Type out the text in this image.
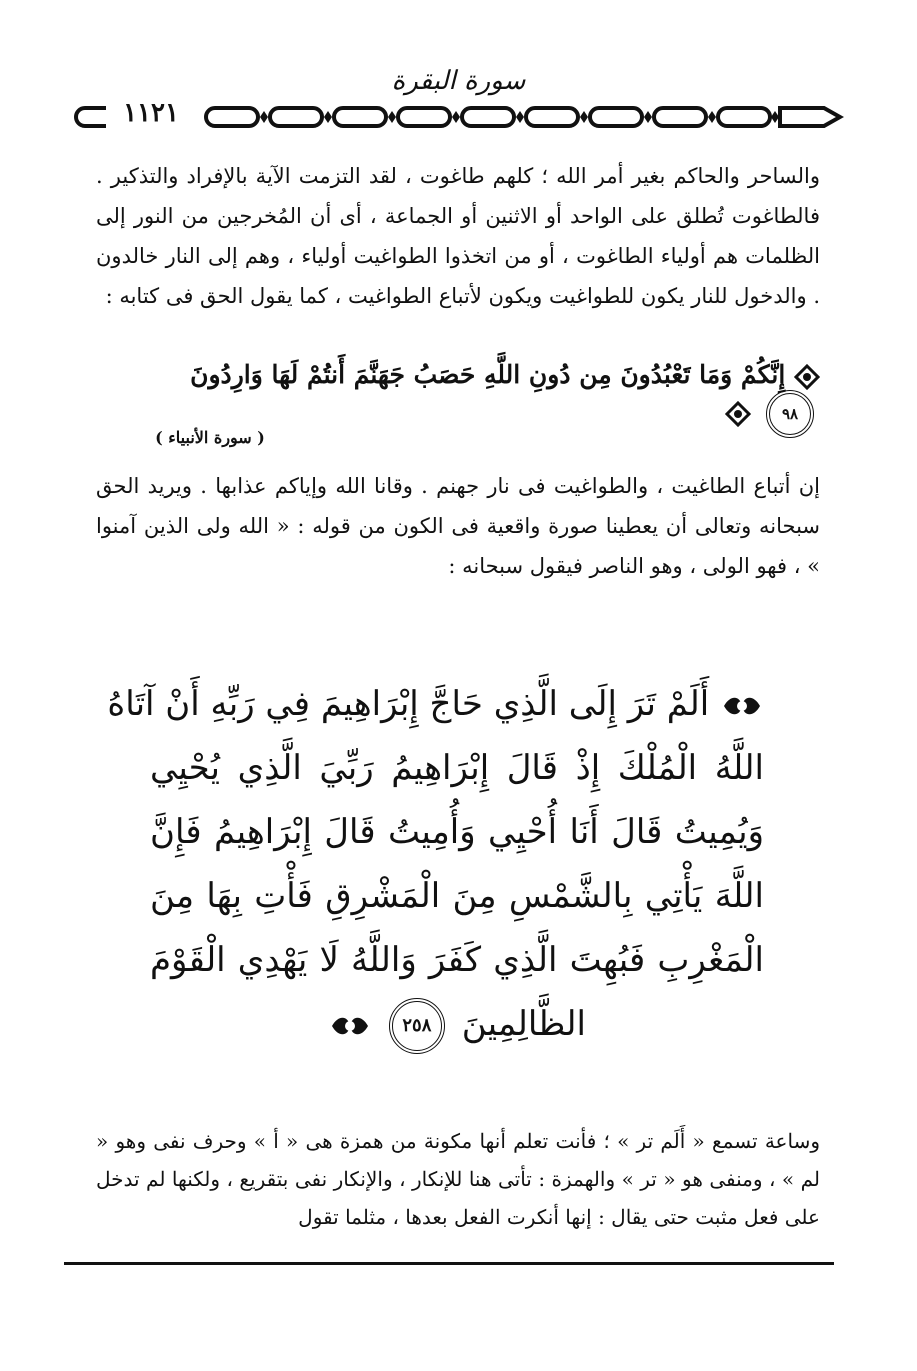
سورة البقرة
١١٢١

والساحر والحاكم بغير أمر الله ؛ كلهم طاغوت ، لقد التزمت الآية بالإفراد والتذكير . فالطاغوت تُطلق على الواحد أو الاثنين أو الجماعة ، أى أن المُخرجين من النور إلى الظلمات هم أولياء الطاغوت ، أو من اتخذوا الطواغيت أولياء ، وهم إلى النار خالدون . والدخول للنار يكون للطواغيت ويكون لأتباع الطواغيت ، كما يقول الحق فى كتابه :

إِنَّكُمْ وَمَا تَعْبُدُونَ مِن دُونِ اللَّهِ حَصَبُ جَهَنَّمَ أَنتُمْ لَهَا وَارِدُونَ ٩٨
( سورة الأنبياء )

إن أتباع الطاغيت ، والطواغيت فى نار جهنم . وقانا الله وإياكم عذابها . ويريد الحق سبحانه وتعالى أن يعطينا صورة واقعية فى الكون من قوله : « الله ولى الذين آمنوا » ، فهو الولى ، وهو الناصر فيقول سبحانه :

أَلَمْ تَرَ إِلَى الَّذِي حَاجَّ إِبْرَاهِيمَ فِي رَبِّهِ أَنْ آتَاهُ
اللَّهُ الْمُلْكَ إِذْ قَالَ إِبْرَاهِيمُ رَبِّيَ الَّذِي يُحْيِي
وَيُمِيتُ قَالَ أَنَا أُحْيِي وَأُمِيتُ قَالَ إِبْرَاهِيمُ فَإِنَّ
اللَّهَ يَأْتِي بِالشَّمْسِ مِنَ الْمَشْرِقِ فَأْتِ بِهَا مِنَ
الْمَغْرِبِ فَبُهِتَ الَّذِي كَفَرَ وَاللَّهُ لَا يَهْدِي الْقَوْمَ
الظَّالِمِينَ ٢٥٨

وساعة تسمع « أَلَم تر » ؛ فأنت تعلم أنها مكونة من همزة هى « أ » وحرف نفى وهو « لم » ، ومنفى هو « تر » والهمزة : تأتى هنا للإنكار ، والإنكار نفى بتقريع ، ولكنها لم تدخل على فعل مثبت حتى يقال : إنها أنكرت الفعل بعدها ، مثلما تقول
